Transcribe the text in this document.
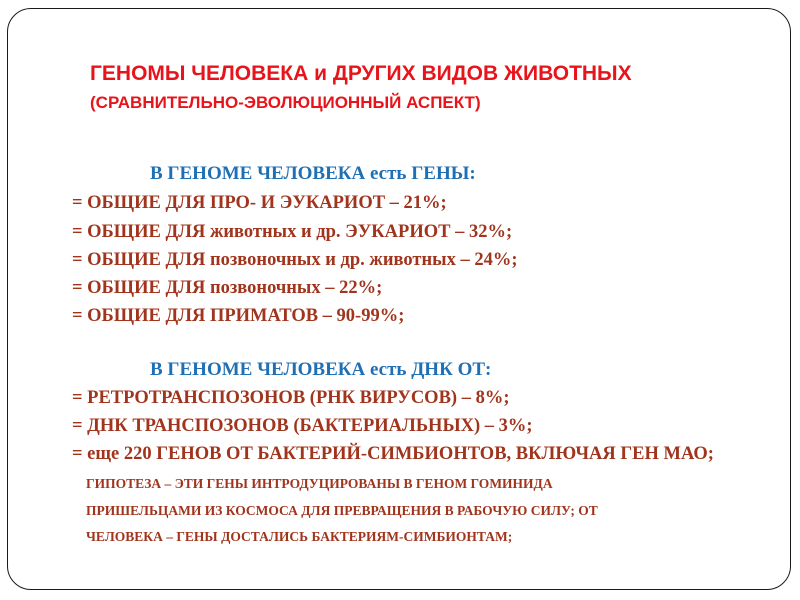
ГЕНОМЫ ЧЕЛОВЕКА и ДРУГИХ ВИДОВ ЖИВОТНЫХ
(СРАВНИТЕЛЬНО-ЭВОЛЮЦИОННЫЙ АСПЕКТ)
В ГЕНОМЕ ЧЕЛОВЕКА есть ГЕНЫ:
= ОБЩИЕ ДЛЯ ПРО- И ЭУКАРИОТ – 21%;
= ОБЩИЕ ДЛЯ животных и др. ЭУКАРИОТ – 32%;
= ОБЩИЕ ДЛЯ позвоночных и др. животных – 24%;
= ОБЩИЕ ДЛЯ позвоночных – 22%;
= ОБЩИЕ ДЛЯ ПРИМАТОВ – 90-99%;
В ГЕНОМЕ ЧЕЛОВЕКА есть ДНК ОТ:
= РЕТРОТРАНСПОЗОНОВ (РНК ВИРУСОВ) – 8%;
= ДНК ТРАНСПОЗОНОВ (БАКТЕРИАЛЬНЫХ) – 3%;
= еще 220 ГЕНОВ ОТ БАКТЕРИЙ-СИМБИОНТОВ, ВКЛЮЧАЯ ГЕН МАО;
ГИПОТЕЗА – ЭТИ ГЕНЫ ИНТРОДУЦИРОВАНЫ В ГЕНОМ ГОМИНИДА
ПРИШЕЛЬЦАМИ ИЗ КОСМОСА ДЛЯ ПРЕВРАЩЕНИЯ В РАБОЧУЮ СИЛУ; ОТ
ЧЕЛОВЕКА – ГЕНЫ ДОСТАЛИСЬ БАКТЕРИЯМ-СИМБИОНТАМ;
